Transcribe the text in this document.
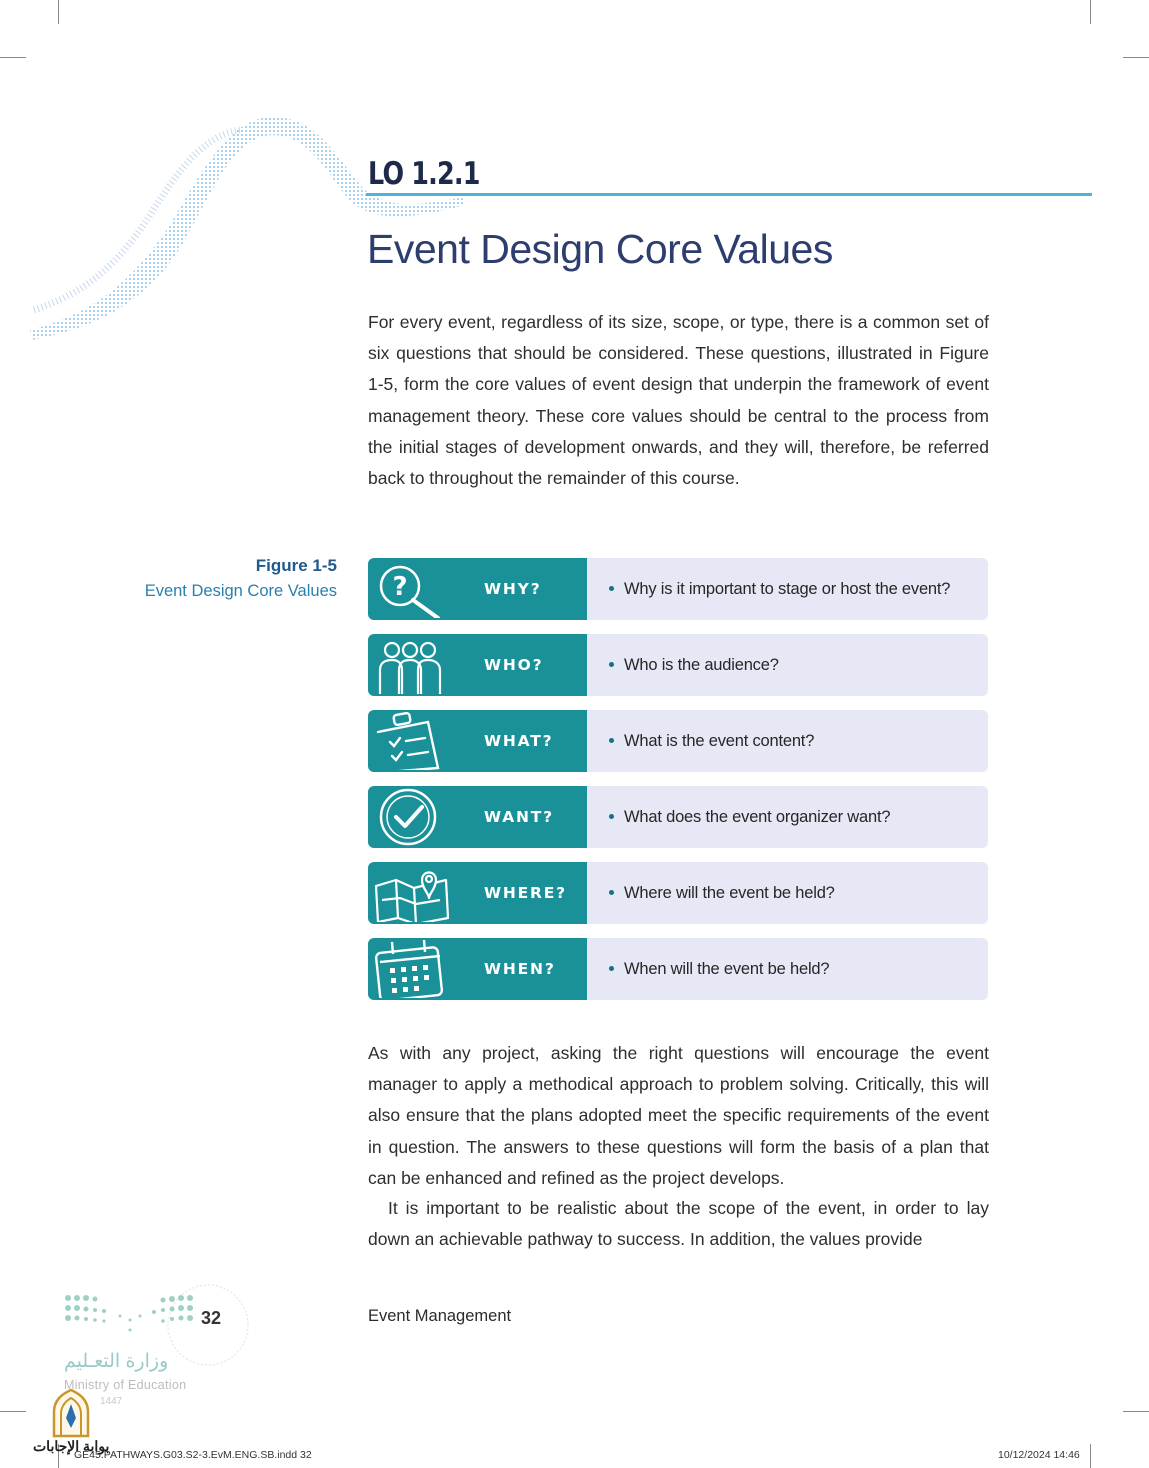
LO 1.2.1
Event Design Core Values

For every event, regardless of its size, scope, or type, there is a common set of six questions that should be considered. These questions, illustrated in Figure 1-5, form the core values of event design that underpin the framework of event management theory. These core values should be central to the process from the initial stages of development onwards, and they will, therefore, be referred back to throughout the remainder of this course.

Figure 1-5
Event Design Core Values ?	WHY?	Why is it important to stage or host the event?
WHO?	Who is the audience?
WHAT?	What is the event content?
WANT?	What does the event organizer want?
WHERE?	Where will the event be held?
WHEN?	When will the event be held?

As with any project, asking the right questions will encourage the event manager to apply a methodical approach to problem solving. Critically, this will also ensure that the plans adopted meet the specific requirements of the event in question. The answers to these questions will form the basis of a plan that can be enhanced and refined as the project develops.

It is important to be realistic about the scope of the event, in order to lay down an achievable pathway to success. In addition, the values provide

32	Event Management
وزارة التعـليم
Ministry of Education
1447
بوابة الإجابات
GE45.PATHWAYS.G03.S2-3.EvM.ENG.SB.indd 32	10/12/2024 14:46
